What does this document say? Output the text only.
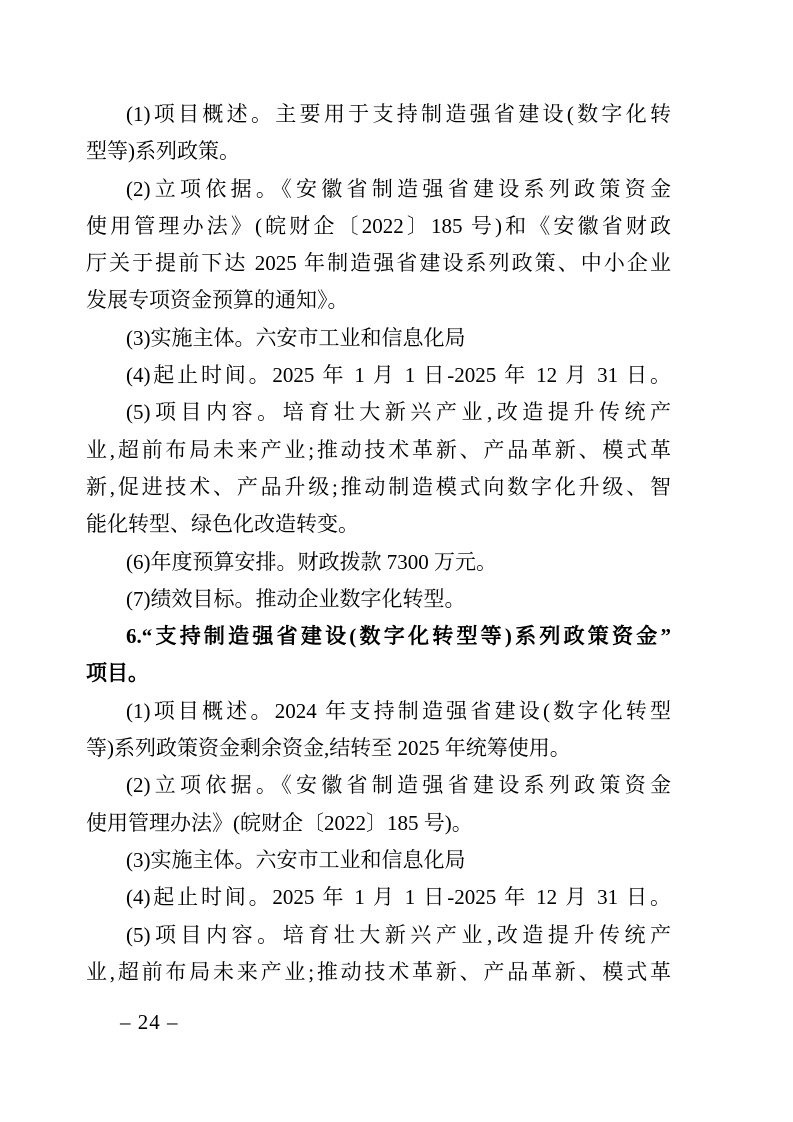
(1)项目概述。主要用于支持制造强省建设(数字化转
型等)系列政策。
(2)立项依据。《安徽省制造强省建设系列政策资金
使用管理办法》(皖财企〔2022〕185 号)和《安徽省财政
厅关于提前下达 2025 年制造强省建设系列政策、中小企业
发展专项资金预算的通知》。
(3)实施主体。六安市工业和信息化局
(4)起止时间。2025 年 1 月 1 日-2025 年 12 月 31 日。
(5)项目内容。培育壮大新兴产业,改造提升传统产
业,超前布局未来产业;推动技术革新、产品革新、模式革
新,促进技术、产品升级;推动制造模式向数字化升级、智
能化转型、绿色化改造转变。
(6)年度预算安排。财政拨款 7300 万元。
(7)绩效目标。推动企业数字化转型。
6.“支持制造强省建设(数字化转型等)系列政策资金”
项目。
(1)项目概述。2024 年支持制造强省建设(数字化转型
等)系列政策资金剩余资金,结转至 2025 年统筹使用。
(2)立项依据。《安徽省制造强省建设系列政策资金
使用管理办法》(皖财企〔2022〕185 号)。
(3)实施主体。六安市工业和信息化局
(4)起止时间。2025 年 1 月 1 日-2025 年 12 月 31 日。
(5)项目内容。培育壮大新兴产业,改造提升传统产
业,超前布局未来产业;推动技术革新、产品革新、模式革
– 24 –
